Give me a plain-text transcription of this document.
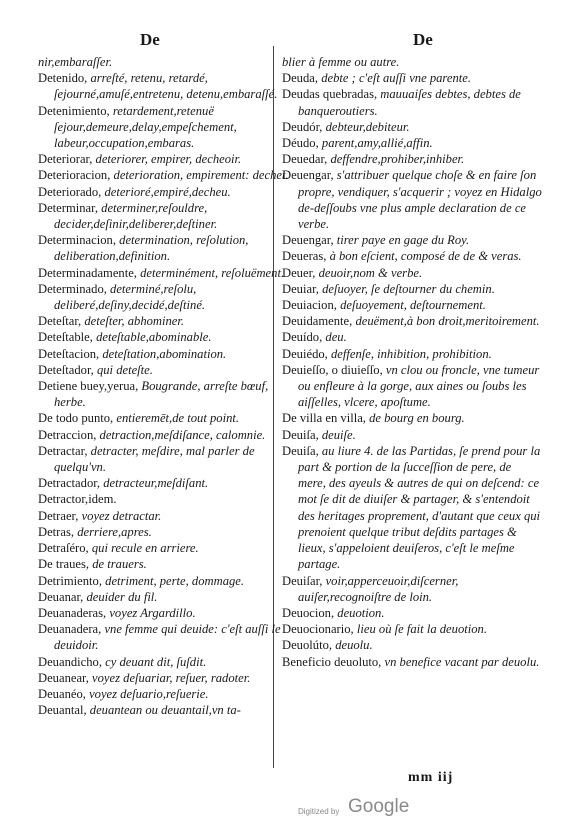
De	De

nir,embaraſſer.

Detenido, arreſté, retenu, retardé, ſejourné,amuſé,entretenu, detenu,embaraſſé.

Detenimiento, retardement,retenuë ſejour,demeure,delay,empeſchement, labeur,occupation,embaras.

Deteriorar, deteriorer, empirer, decheoir.

Deterioracion, deterioration, empirement: dechet.

Deteriorado, deterioré,empiré,decheu.

Determinar, determiner,reſouldre, decider,deſinir,deliberer,deſtiner.

Determinacion, determination, reſolution, deliberation,definition.

Determinadamente, determinément, reſoluëment.

Determinado, determiné,reſolu, deliberé,deſiny,decidé,deſtiné.

Deteſtar, deteſter, abhominer.

Deteſtable, deteſtable,abominable.

Deteſtacion, deteſtation,abomination.

Deteſtador, qui deteſte.

Detiene buey,yerua, Bougrande, arreſte bœuf, herbe.

De todo punto, entieremēt,de tout point.

Detraccion, detraction,meſdiſance, calomnie.

Detractar, detracter, meſdire, mal parler de quelqu'vn.

Detractador, detracteur,meſdiſant.

Detractor,idem.

Detraer, voyez detractar.

Detras, derriere,apres.

Detraſéro, qui recule en arriere.

De traues, de trauers.

Detrimiento, detriment, perte, dommage.

Deuanar, deuider du fil.

Deuanaderas, voyez Argardillo.

Deuanadera, vne femme qui deuide: c'eſt auſſi le deuidoir.

Deuandicho, cy deuant dit, ſuſdit.

Deuanear, voyez deſuariar, reſuer, radoter.

Deuanéo, voyez deſuario,reſuerie.

Deuantal, deuantean ou deuantail,vn ta-

blier à femme ou autre.

Deuda, debte ; c'eſt auſſi vne parente.

Deudas quebradas, mauuaiſes debtes, debtes de banqueroutiers.

Deudór, debteur,debiteur.

Déudo, parent,amy,allié,affin.

Deuedar, deffendre,prohiber,inhiber.

Deuengar, s'attribuer quelque choſe & en faire ſon propre, vendiquer, s'acquerir ; voyez en Hidalgo de-deſſoubs vne plus ample declaration de ce verbe.

Deuengar, tirer paye en gage du Roy.

Deueras, à bon eſcient, composé de de & veras.

Deuer, deuoir,nom & verbe.

Deuiar, deſuoyer, ſe deſtourner du chemin.

Deuiacion, deſuoyement, deſtournement.

Deuidamente, deuëment,à bon droit,meritoirement.

Deuído, deu.

Deuiédo, deffenſe, inhibition, prohibition.

Deuieſſo, o diuieſſo, vn clou ou froncle, vne tumeur ou enfleure à la gorge, aux aines ou ſoubs les aiſſelles, vlcere, apoſtume.

De villa en villa, de bourg en bourg.

Deuiſa, deuiſe.

Deuiſa, au liure 4. de las Partidas, ſe prend pour la part & portion de la ſucceſſion de pere, de mere, des ayeuls & autres de qui on deſcend: ce mot ſe dit de diuiſer & partager, & s'entendoit des heritages proprement, d'autant que ceux qui prenoient quelque tribut deſdits partages & lieux, s'appeloient deuiſeros, c'eſt le meſme partage.

Deuiſar, voir,apperceuoir,diſcerner, auiſer,recognoiſtre de loin.

Deuocion, deuotion.

Deuocionario, lieu où ſe fait la deuotion.

Deuolúto, deuolu.

Beneficio deuoluto, vn benefice vacant par deuolu.

mm iij
Digitized by Google
